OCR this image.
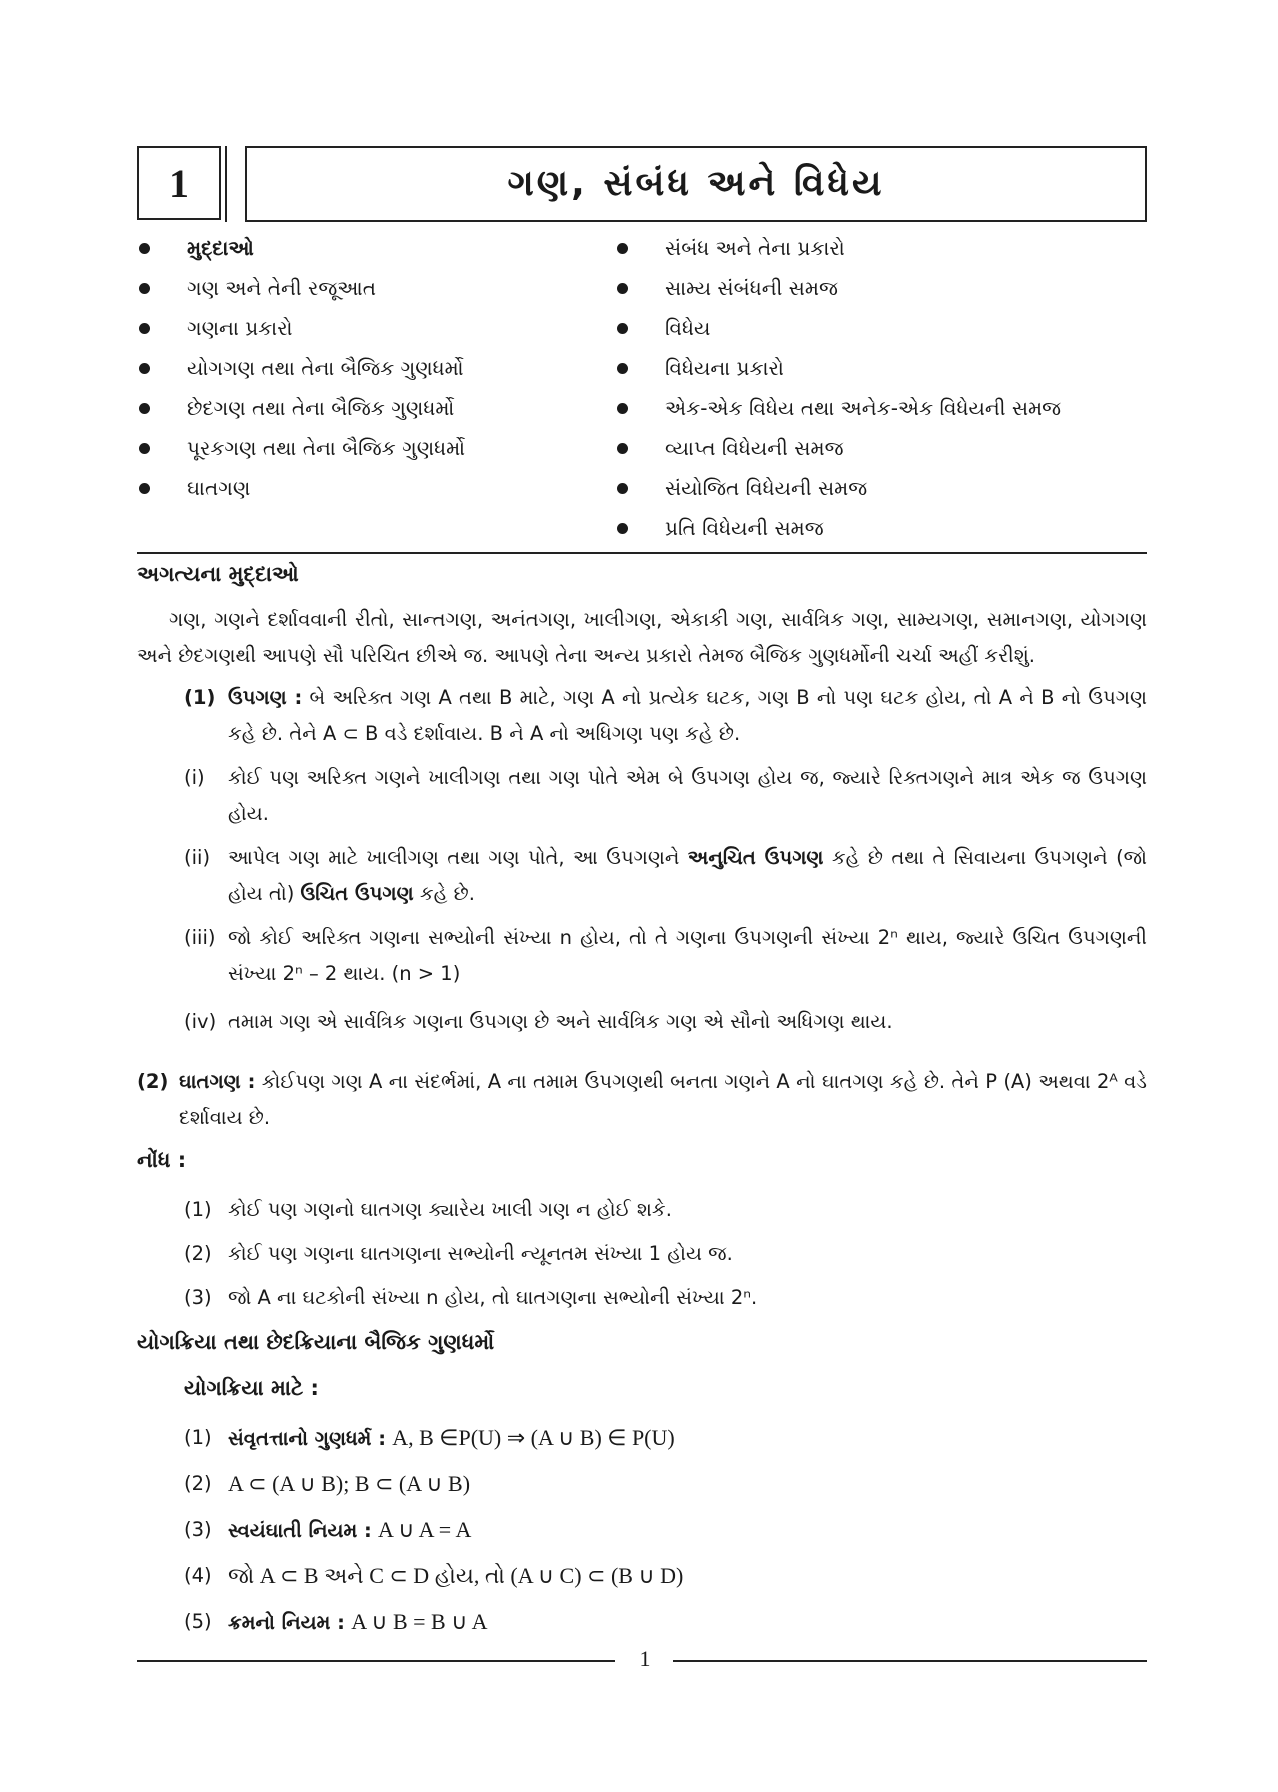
1	ગણ, સંબંધ અને વિધેય
મુદ્દાઓ
ગણ અને તેની રજૂઆત
ગણના પ્રકારો
યોગગણ તથા તેના બૈજિક ગુણધર્મો
છેદગણ તથા તેના બૈજિક ગુણધર્મો
પૂરકગણ તથા તેના બૈજિક ગુણધર્મો
ઘાતગણ
સંબંધ અને તેના પ્રકારો
સામ્ય સંબંધની સમજ
વિધેય
વિધેયના પ્રકારો
એક-એક વિધેય તથા અનેક-એક વિધેયની સમજ
વ્યાપ્ત વિધેયની સમજ
સંયોજિત વિધેયની સમજ
પ્રતિ વિધેયની સમજ
અગત્યના મુદ્દાઓ
ગણ, ગણને દર્શાવવાની રીતો, સાન્તગણ, અનંતગણ, ખાલીગણ, એકાકી ગણ, સાર્વત્રિક ગણ, સામ્યગણ, સમાનગણ, યોગગણ અને છેદગણથી આપણે સૌ પરિચિત છીએ જ. આપણે તેના અન્ય પ્રકારો તેમજ બૈજિક ગુણધર્મોની ચર્ચા અહીં કરીશું.
(1) ઉપગણ : બે અરિક્ત ગણ A તથા B માટે, ગણ A નો પ્રત્યેક ઘટક, ગણ B નો પણ ઘટક હોય, તો A ને B નો ઉપગણ કહે છે. તેને A ⊂ B વડે દર્શાવાય. B ને A નો અધિગણ પણ કહે છે.
(i)	કોઈ પણ અરિક્ત ગણને ખાલીગણ તથા ગણ પોતે એમ બે ઉપગણ હોય જ, જ્યારે રિક્તગણને માત્ર એક જ ઉપગણ હોય.
(ii) આપેલ ગણ માટે ખાલીગણ તથા ગણ પોતે, આ ઉપગણને અનુચિત ઉપગણ કહે છે તથા તે સિવાયના ઉપગણને (જો હોય તો) ઉચિત ઉપગણ કહે છે.
(iii) જો કોઈ અરિક્ત ગણના સભ્યોની સંખ્યા n હોય, તો તે ગણના ઉપગણની સંખ્યા 2ⁿ થાય, જ્યારે ઉચિત ઉપગણની સંખ્યા 2ⁿ – 2 થાય. (n > 1)
(iv) તમામ ગણ એ સાર્વત્રિક ગણના ઉપગણ છે અને સાર્વત્રિક ગણ એ સૌનો અધિગણ થાય.
(2) ઘાતગણ : કોઈપણ ગણ A ના સંદર્ભમાં, A ના તમામ ઉપગણથી બનતા ગણને A નો ઘાતગણ કહે છે. તેને P (A) અથવા 2ᴬ વડે દર્શાવાય છે.
નોંધ :
(1) કોઈ પણ ગણનો ઘાતગણ ક્યારેય ખાલી ગણ ન હોઈ શકે.
(2) કોઈ પણ ગણના ઘાતગણના સભ્યોની ન્યૂનતમ સંખ્યા 1 હોય જ.
(3) જો A ના ઘટકોની સંખ્યા n હોય, તો ઘાતગણના સભ્યોની સંખ્યા 2ⁿ.
યોગક્રિયા તથા છેદક્રિયાના બૈજિક ગુણધર્મો
યોગક્રિયા માટે :
(1) સંવૃતત્તાનો ગુણધર્મ : A, B ∈P(U) ⇒ (A ∪ B) ∈ P(U)
(2) A ⊂ (A ∪ B); B ⊂ (A ∪ B)
(3) સ્વયંઘાતી નિયમ : A ∪ A = A
(4) જો A ⊂ B અને C ⊂ D હોય, તો (A ∪ C) ⊂ (B ∪ D)
(5) ક્રમનો નિયમ : A ∪ B = B ∪ A
1
